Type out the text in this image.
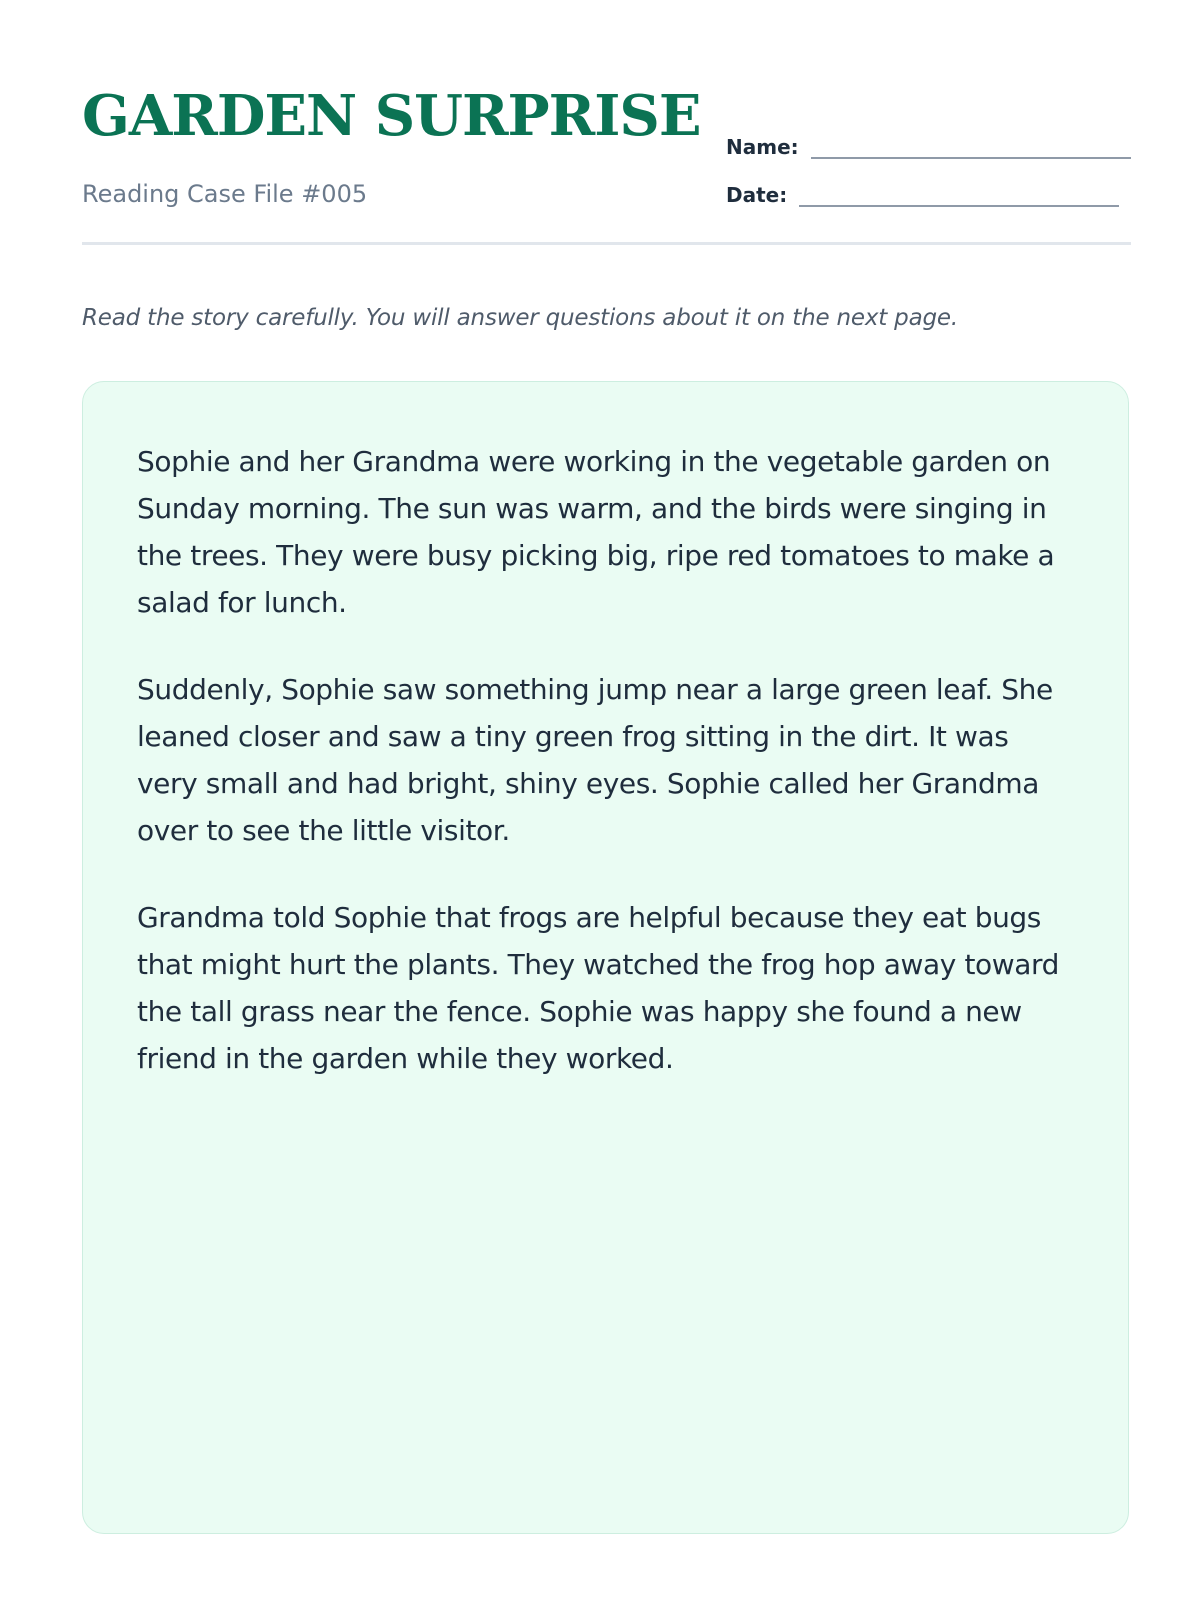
GARDEN SURPRISE
Reading Case File #005
Name:
Date:
Read the story carefully. You will answer questions about it on the next page.

Sophie and her Grandma were working in the vegetable garden on Sunday morning. The sun was warm, and the birds were singing in the trees. They were busy picking big, ripe red tomatoes to make a salad for lunch.

Suddenly, Sophie saw something jump near a large green leaf. She leaned closer and saw a tiny green frog sitting in the dirt. It was very small and had bright, shiny eyes. Sophie called her Grandma over to see the little visitor.

Grandma told Sophie that frogs are helpful because they eat bugs that might hurt the plants. They watched the frog hop away toward the tall grass near the fence. Sophie was happy she found a new friend in the garden while they worked.
